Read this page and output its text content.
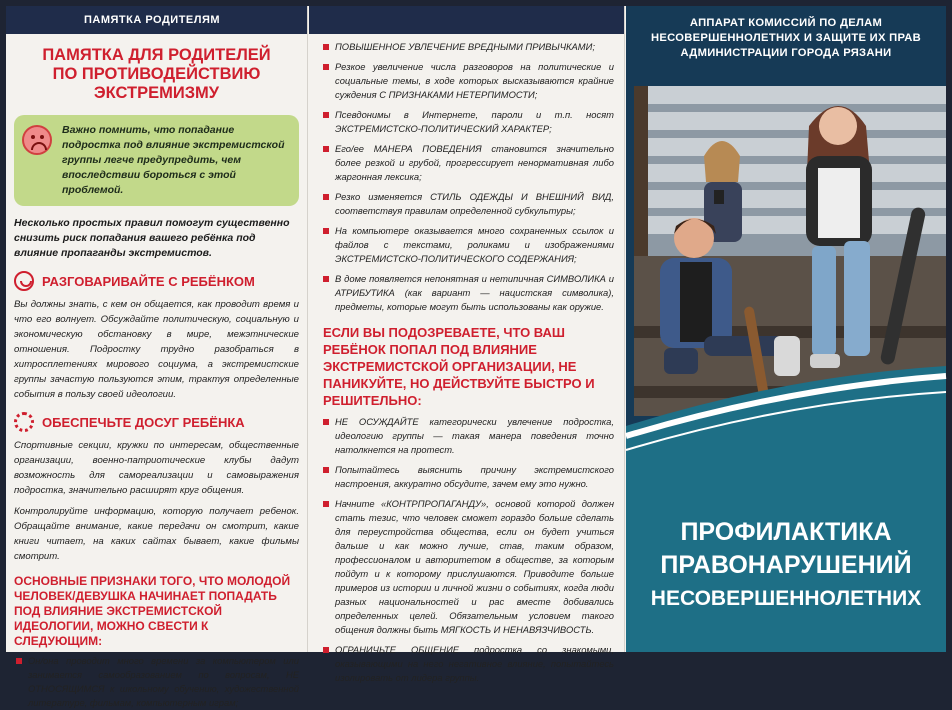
ПАМЯТКА РОДИТЕЛЯМ
ПАМЯТКА ДЛЯ РОДИТЕЛЕЙ
ПО ПРОТИВОДЕЙСТВИЮ
ЭКСТРЕМИЗМУ
Важно помнить, что попадание подростка под влияние экстремистской группы легче предупредить, чем впоследствии бороться с этой проблемой.
Несколько простых правил помогут существенно снизить риск попадания вашего ребёнка под влияние пропаганды экстремистов.
РАЗГОВАРИВАЙТЕ С РЕБЁНКОМ
Вы должны знать, с кем он общается, как проводит время и что его волнует. Обсуждайте политическую, социальную и экономическую обстановку в мире, межэтнические отношения. Подростку трудно разобраться в хитросплетениях мирового социума, а экстремистские группы зачастую пользуются этим, трактуя определенные события в пользу своей идеологии.
ОБЕСПЕЧЬТЕ ДОСУГ РЕБЁНКА
Спортивные секции, кружки по интересам, общественные организации, военно-патриотические клубы дадут возможность для самореализации и самовыражения подростка, значительно расширят круг общения.
Контролируйте информацию, которую получает ребенок. Обращайте внимание, какие передачи он смотрит, какие книги читает, на каких сайтах бывает, какие фильмы смотрит.
ОСНОВНЫЕ ПРИЗНАКИ ТОГО, ЧТО МОЛОДОЙ ЧЕЛОВЕК/ДЕВУШКА НАЧИНАЕТ ПОПАДАТЬ ПОД ВЛИЯНИЕ ЭКСТРЕМИСТСКОЙ ИДЕОЛОГИИ, МОЖНО СВЕСТИ К СЛЕДУЮЩИМ:
Он/она проводит много времени за компьютером или занимается самообразованием по вопросам, НЕ ОТНОСЯЩИМСЯ к школьному обучению, художественной литературе, фильмам, компьютерным играм;
ПОВЫШЕННОЕ УВЛЕЧЕНИЕ ВРЕДНЫМИ ПРИВЫЧКАМИ;
Резкое увеличение числа разговоров на политические и социальные темы, в ходе которых высказываются крайние суждения С ПРИЗНАКАМИ НЕТЕРПИМОСТИ;
Псевдонимы в Интернете, пароли и т.п. носят ЭКСТРЕМИСТСКО-ПОЛИТИЧЕСКИЙ ХАРАКТЕР;
Его/ее МАНЕРА ПОВЕДЕНИЯ становится значительно более резкой и грубой, прогрессирует ненормативная либо жаргонная лексика;
Резко изменяется СТИЛЬ ОДЕЖДЫ И ВНЕШНИЙ ВИД, соответствуя правилам определенной субкультуры;
На компьютере оказывается много сохраненных ссылок и файлов с текстами, роликами и изображениями ЭКСТРЕМИСТСКО-ПОЛИТИЧЕСКОГО СОДЕРЖАНИЯ;
В доме появляется непонятная и нетипичная СИМВОЛИКА и АТРИБУТИКА (как вариант — нацистская символика), предметы, которые могут быть использованы как оружие.
ЕСЛИ ВЫ ПОДОЗРЕВАЕТЕ, ЧТО ВАШ РЕБЁНОК ПОПАЛ ПОД ВЛИЯНИЕ ЭКСТРЕМИСТСКОЙ ОРГАНИЗАЦИИ, НЕ ПАНИКУЙТЕ, НО ДЕЙСТВУЙТЕ БЫСТРО И РЕШИТЕЛЬНО:
НЕ ОСУЖДАЙТЕ категорически увлечение подростка, идеологию группы — такая манера поведения точно натолкнется на протест.
Попытайтесь выяснить причину экстремистского настроения, аккуратно обсудите, зачем ему это нужно.
Начните «КОНТРПРОПАГАНДУ», основой которой должен стать тезис, что человек сможет гораздо больше сделать для переустройства общества, если он будет учиться дальше и как можно лучше, став, таким образом, профессионалом и авторитетом в обществе, за которым пойдут и к которому прислушаются. Приводите больше примеров из истории и личной жизни о событиях, когда люди разных национальностей и рас вместе добивались определенных целей. Обязательным условием такого общения должны быть МЯГКОСТЬ И НЕНАВЯЗЧИВОСТЬ.
ОГРАНИЧЬТЕ ОБЩЕНИЕ подростка со знакомыми, оказывающими на него негативное влияние, попытайтесь изолировать от лидера группы.
АППАРАТ КОМИССИЙ ПО ДЕЛАМ
НЕСОВЕРШЕННОЛЕТНИХ И ЗАЩИТЕ ИХ ПРАВ
АДМИНИСТРАЦИИ ГОРОДА РЯЗАНИ
ПРОФИЛАКТИКА
ПРАВОНАРУШЕНИЙ
НЕСОВЕРШЕННОЛЕТНИХ
